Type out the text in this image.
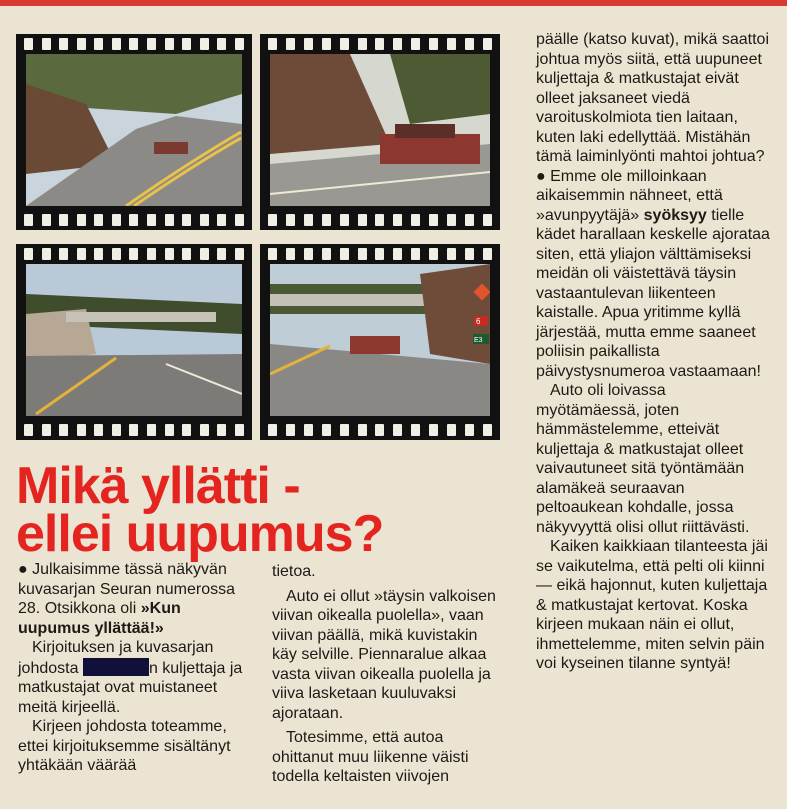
6
E3
Mikä yllätti -
ellei uupumus?

● Julkaisimme tässä näkyvän kuvasarjan Seuran numerossa 28. Otsikkona oli »Kun uupumus yllättää!»

Kirjoituksen ja kuvasarjan johdosta	n kuljettaja ja matkustajat ovat muistaneet meitä kirjeellä.

Kirjeen johdosta toteamme, ettei kirjoituksemme sisältänyt yhtäkään väärää

tietoa.

Auto ei ollut »täysin valkoisen viivan oikealla puolella», vaan viivan päällä, mikä kuvistakin käy selville. Piennaralue alkaa vasta viivan oikealla puolella ja viiva lasketaan kuuluvaksi ajorataan.

Totesimme, että autoa ohittanut muu liikenne väisti todella keltaisten viivojen

päälle (katso kuvat), mikä saattoi johtua myös siitä, että uupuneet kuljettaja & matkustajat eivät olleet jaksaneet viedä varoituskolmiota tien laitaan, kuten laki edellyttää. Mistähän tämä laiminlyönti mahtoi johtua?

● Emme ole milloinkaan aikaisemmin nähneet, että »avunpyytäjä» syöksyy tielle kädet harallaan keskelle ajorataa siten, että yliajon välttämiseksi meidän oli väistettävä täysin vastaantulevan liikenteen kaistalle. Apua yritimme kyllä järjestää, mutta emme saaneet poliisin paikallista päivystysnumeroa vastaamaan!

Auto oli loivassa myötämäessä, joten hämmästelemme, etteivät kuljettaja & matkustajat olleet vaivautuneet sitä työntämään alamäkeä seuraavan peltoaukean kohdalle, jossa näkyvyyttä olisi ollut riittävästi.

Kaiken kaikkiaan tilanteesta jäi se vaikutelma, että pelti oli kiinni — eikä hajonnut, kuten kuljettaja & matkustajat kertovat. Koska kirjeen mukaan näin ei ollut, ihmettelemme, miten selvin päin voi kyseinen tilanne syntyä!
